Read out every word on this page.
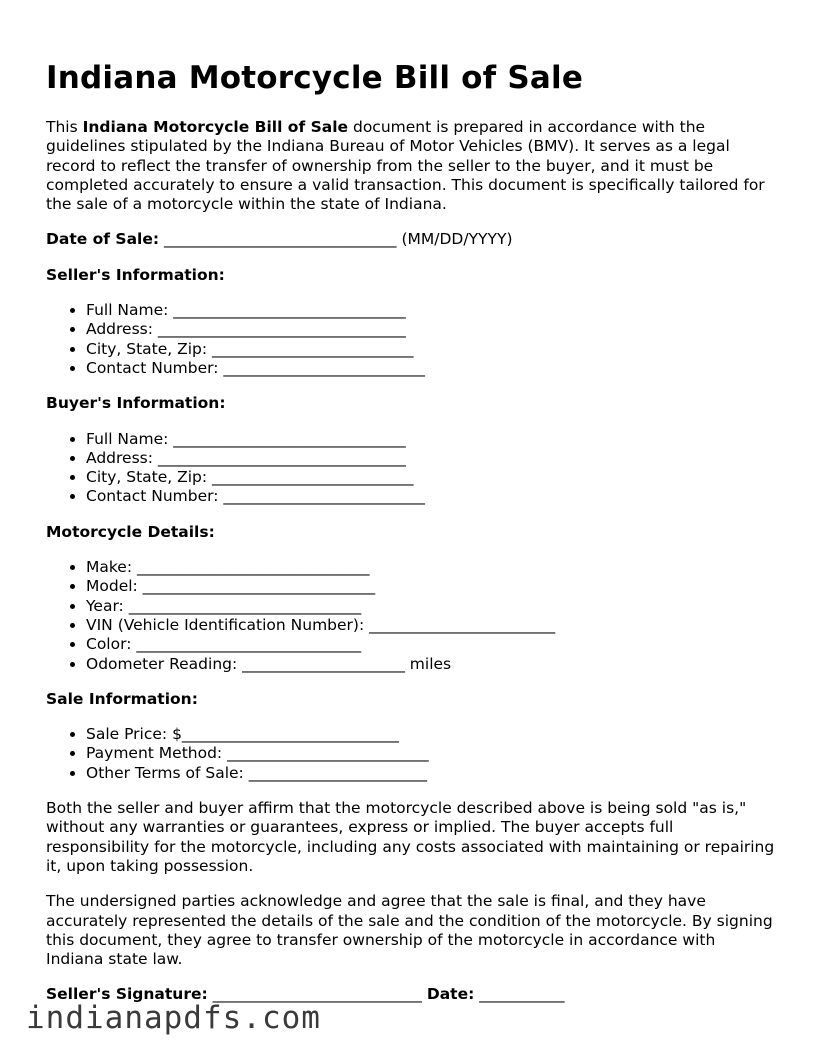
Indiana Motorcycle Bill of Sale

This Indiana Motorcycle Bill of Sale document is prepared in accordance with the guidelines stipulated by the Indiana Bureau of Motor Vehicles (BMV). It serves as a legal record to reflect the transfer of ownership from the seller to the buyer, and it must be completed accurately to ensure a valid transaction. This document is specifically tailored for the sale of a motorcycle within the state of Indiana.

Date of Sale: ______________________________ (MM/DD/YYYY)

Seller's Information:
• Full Name: ______________________________
• Address: ________________________________
• City, State, Zip: __________________________
• Contact Number: __________________________
Buyer's Information:
• Full Name: ______________________________
• Address: ________________________________
• City, State, Zip: __________________________
• Contact Number: __________________________
Motorcycle Details:
• Make: ______________________________
• Model: ______________________________
• Year: ______________________________
• VIN (Vehicle Identification Number): ________________________
• Color: _____________________________
• Odometer Reading: _____________________ miles
Sale Information:
• Sale Price: $____________________________
• Payment Method: __________________________
• Other Terms of Sale: _______________________

Both the seller and buyer affirm that the motorcycle described above is being sold "as is," without any warranties or guarantees, express or implied. The buyer accepts full responsibility for the motorcycle, including any costs associated with maintaining or repairing it, upon taking possession.

The undersigned parties acknowledge and agree that the sale is final, and they have accurately represented the details of the sale and the condition of the motorcycle. By signing this document, they agree to transfer ownership of the motorcycle in accordance with Indiana state law.

Seller's Signature: ___________________________ Date: ___________

indianapdfs.com
